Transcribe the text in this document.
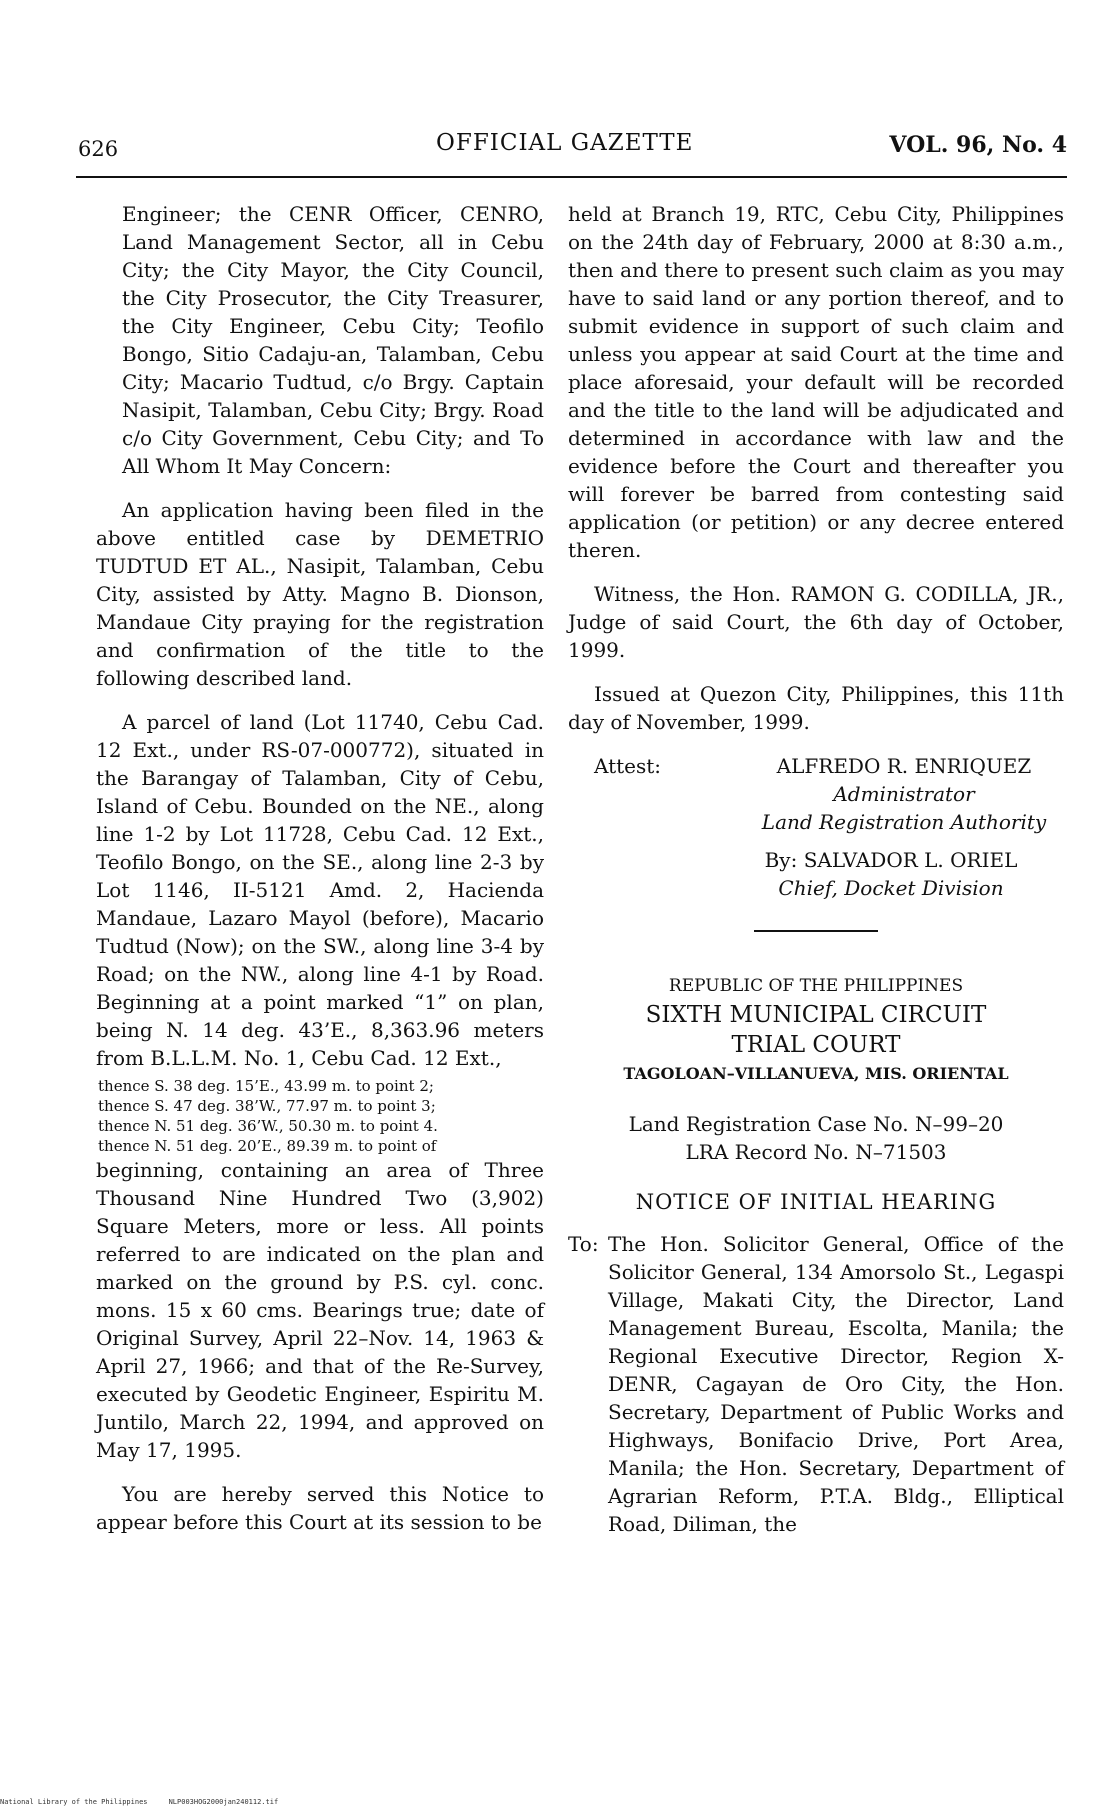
626	OFFICIAL GAZETTE	VOL. 96, No. 4

Engineer; the CENR Officer, CENRO, Land Management Sector, all in Cebu City; the City Mayor, the City Council, the City Prosecutor, the City Treasurer, the City Engineer, Cebu City; Teofilo Bongo, Sitio Cadaju-an, Talamban, Cebu City; Macario Tudtud, c/o Brgy. Captain Nasipit, Talamban, Cebu City; Brgy. Road c/o City Government, Cebu City; and To All Whom It May Concern:

An application having been filed in the above entitled case by DEMETRIO TUDTUD ET AL., Nasipit, Talamban, Cebu City, assisted by Atty. Magno B. Dionson, Mandaue City praying for the registration and confirmation of the title to the following described land.

A parcel of land (Lot 11740, Cebu Cad. 12 Ext., under RS-07-000772), situated in the Barangay of Talamban, City of Cebu, Island of Cebu. Bounded on the NE., along line 1-2 by Lot 11728, Cebu Cad. 12 Ext., Teofilo Bongo, on the SE., along line 2-3 by Lot 1146, II-5121 Amd. 2, Hacienda Mandaue, Lazaro Mayol (before), Macario Tudtud (Now); on the SW., along line 3-4 by Road; on the NW., along line 4-1 by Road. Beginning at a point marked “1” on plan, being N. 14 deg. 43’E., 8,363.96 meters from B.L.L.M. No. 1, Cebu Cad. 12 Ext.,

thence S. 38 deg. 15’E., 43.99 m. to point 2;
thence S. 47 deg. 38’W., 77.97 m. to point 3;
thence N. 51 deg. 36’W., 50.30 m. to point 4.
thence N. 51 deg. 20’E., 89.39 m. to point of

beginning, containing an area of Three Thousand Nine Hundred Two (3,902) Square Meters, more or less. All points referred to are indicated on the plan and marked on the ground by P.S. cyl. conc. mons. 15 x 60 cms. Bearings true; date of Original Survey, April 22–Nov. 14, 1963 & April 27, 1966; and that of the Re-Survey, executed by Geodetic Engineer, Espiritu M. Juntilo, March 22, 1994, and approved on May 17, 1995.

You are hereby served this Notice to appear before this Court at its session to be

held at Branch 19, RTC, Cebu City, Philippines on the 24th day of February, 2000 at 8:30 a.m., then and there to present such claim as you may have to said land or any portion thereof, and to submit evidence in support of such claim and unless you appear at said Court at the time and place aforesaid, your default will be recorded and the title to the land will be adjudicated and determined in accordance with law and the evidence before the Court and thereafter you will forever be barred from contesting said application (or petition) or any decree entered theren.

Witness, the Hon. RAMON G. CODILLA, JR., Judge of said Court, the 6th day of October, 1999.

Issued at Quezon City, Philippines, this 11th day of November, 1999.

Attest:	ALFREDO R. ENRIQUEZ
Administrator
Land Registration Authority
By: SALVADOR L. ORIEL
Chief, Docket Division
REPUBLIC OF THE PHILIPPINES
SIXTH MUNICIPAL CIRCUIT
TRIAL COURT
TAGOLOAN–VILLANUEVA, MIS. ORIENTAL
Land Registration Case No. N–99–20
LRA Record No. N–71503
NOTICE OF INITIAL HEARING
To: The Hon. Solicitor General, Office of the Solicitor General, 134 Amorsolo St., Legaspi Village, Makati City, the Director, Land Management Bureau, Escolta, Manila; the Regional Executive Director, Region X-DENR, Cagayan de Oro City, the Hon. Secretary, Department of Public Works and Highways, Bonifacio Drive, Port Area, Manila; the Hon. Secretary, Department of Agrarian Reform, P.T.A. Bldg., Elliptical Road, Diliman, the
National Library of the Philippines	NLP003HOG2000jan240112.tif
